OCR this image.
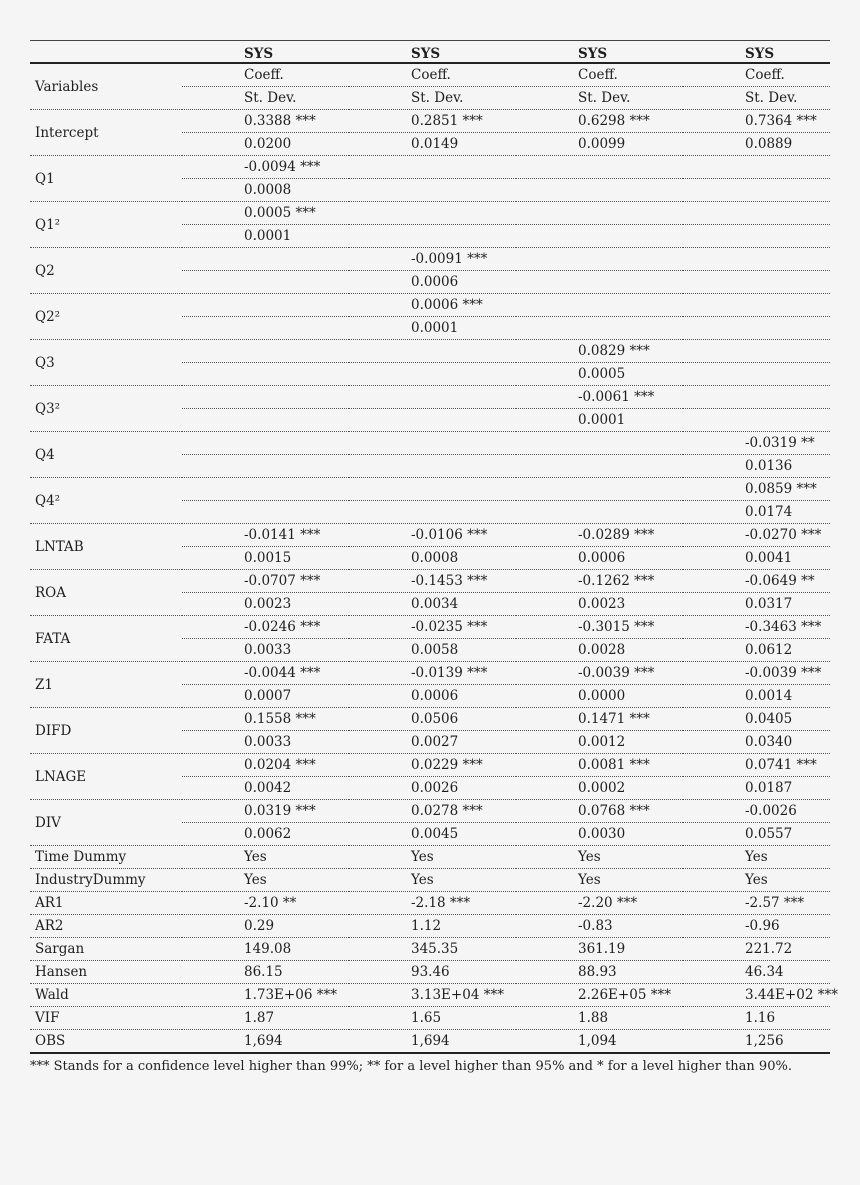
	SYS	SYS	SYS	SYS
Variables	Coeff.	Coeff.	Coeff.	Coeff.
	St. Dev.	St. Dev.	St. Dev.	St. Dev.
Intercept	0.3388 ***	0.2851 ***	0.6298 ***	0.7364 ***
	0.0200	0.0149	0.0099	0.0889
Q1	-0.0094 ***			
	0.0008			
Q1²	0.0005 ***			
	0.0001			
Q2		-0.0091 ***		
		0.0006		
Q2²		0.0006 ***		
		0.0001		
Q3			0.0829 ***	
			0.0005	
Q3²			-0.0061 ***	
			0.0001	
Q4				-0.0319 **
				0.0136
Q4²				0.0859 ***
				0.0174
LNTAB	-0.0141 ***	-0.0106 ***	-0.0289 ***	-0.0270 ***
	0.0015	0.0008	0.0006	0.0041
ROA	-0.0707 ***	-0.1453 ***	-0.1262 ***	-0.0649 **
	0.0023	0.0034	0.0023	0.0317
FATA	-0.0246 ***	-0.0235 ***	-0.3015 ***	-0.3463 ***
	0.0033	0.0058	0.0028	0.0612
Z1	-0.0044 ***	-0.0139 ***	-0.0039 ***	-0.0039 ***
	0.0007	0.0006	0.0000	0.0014
DIFD	0.1558 ***	0.0506	0.1471 ***	0.0405
	0.0033	0.0027	0.0012	0.0340
LNAGE	0.0204 ***	0.0229 ***	0.0081 ***	0.0741 ***
	0.0042	0.0026	0.0002	0.0187
DIV	0.0319 ***	0.0278 ***	0.0768 ***	-0.0026
	0.0062	0.0045	0.0030	0.0557
Time Dummy	Yes	Yes	Yes	Yes
IndustryDummy	Yes	Yes	Yes	Yes
AR1	-2.10 **	-2.18 ***	-2.20 ***	-2.57 ***
AR2	0.29	1.12	-0.83	-0.96
Sargan	149.08	345.35	361.19	221.72
Hansen	86.15	93.46	88.93	46.34
Wald	1.73E+06 ***	3.13E+04 ***	2.26E+05 ***	3.44E+02 ***
VIF	1.87	1.65	1.88	1.16
OBS	1,694	1,694	1,094	1,256
*** Stands for a confidence level higher than 99%; ** for a level higher than 95% and * for a level higher than 90%.
